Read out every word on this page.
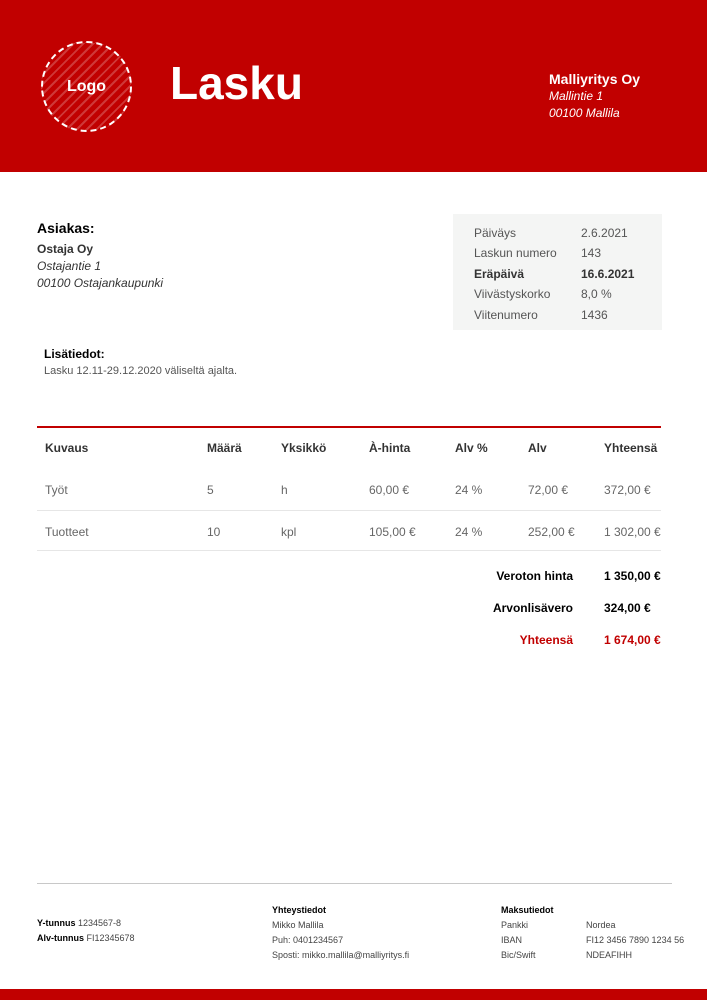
Logo Lasku	Malliyritys Oy
Mallintie 1
00100 Mallila
Asiakas:
Ostaja Oy
Ostajantie 1
00100 Ostajankaupunki
Päiväys	2.6.2021
Laskun numero	143
Eräpäivä	16.6.2021
Viivästyskorko	8,0 %
Viitenumero	1436
Lisätiedot:
Lasku 12.11-29.12.2020 väliseltä ajalta.
Kuvaus	Määrä	Yksikkö	À-hinta	Alv %	Alv	Yhteensä
Työt	5	h	60,00 €	24 %	72,00 €	372,00 €
Tuotteet	10	kpl	105,00 €	24 %	252,00 € 1 302,00 €
Veroton hinta	1 350,00 €
Arvonlisävero	324,00 €
Yhteensä	1 674,00 €
Y-tunnus 1234567-8
Alv-tunnus FI12345678
Yhteystiedot
Mikko Mallila
Puh: 0401234567
Sposti: mikko.mallila@malliyritys.fi
Maksutiedot
Pankki	Nordea
IBAN	FI12 3456 7890 1234 56
Bic/Swift	NDEAFIHH
